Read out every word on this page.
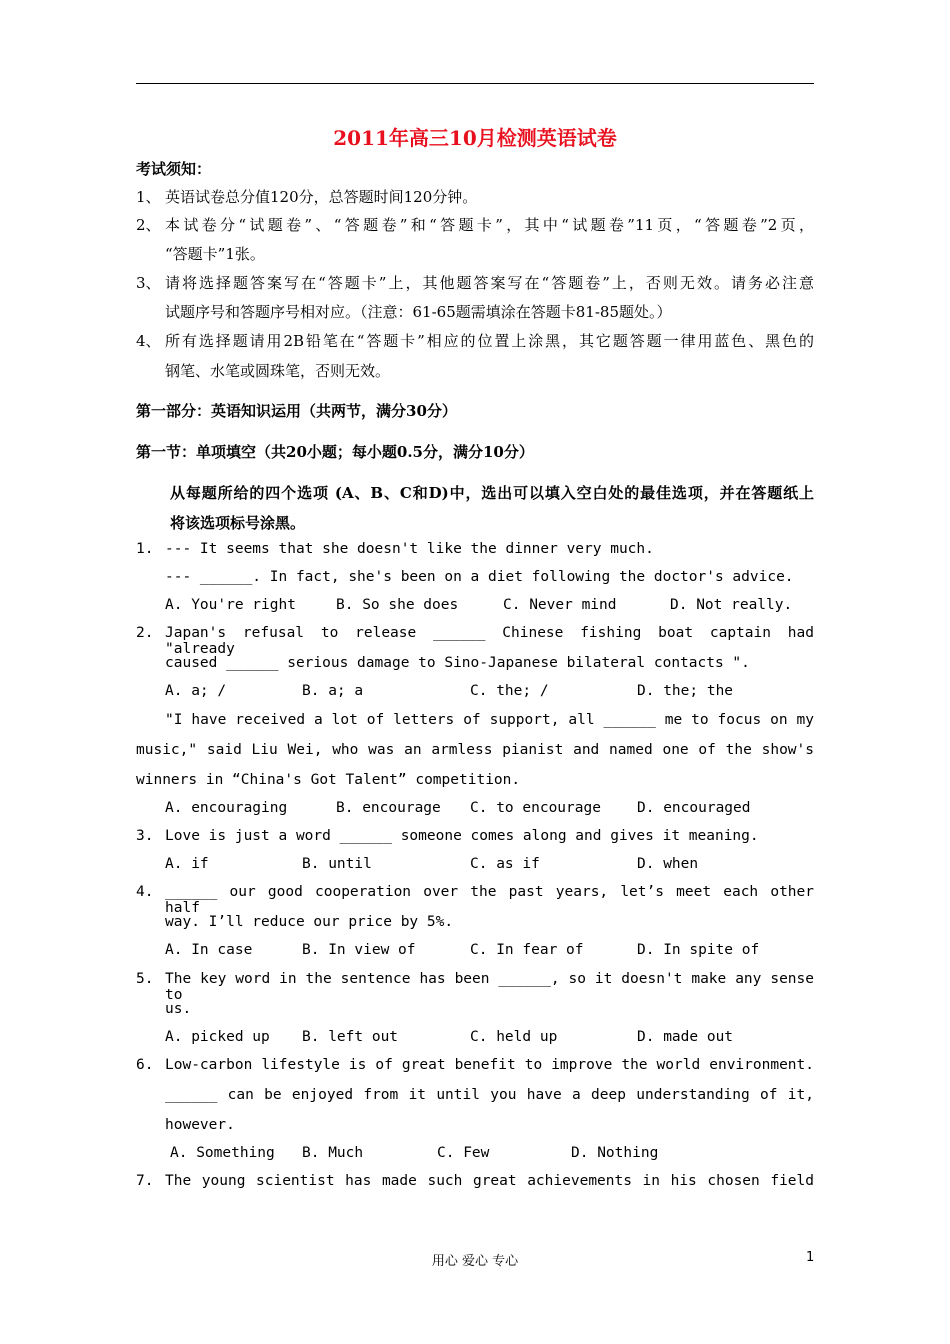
2011年高三10月检测英语试卷
考试须知：
1、 英语试卷总分值120分，总答题时间120分钟。
2、 本试卷分“试题卷”、“答题卷”和“答题卡”，其中“试题卷”11页，“答题卷”2页，
“答题卡”1张。
3、 请将选择题答案写在“答题卡”上，其他题答案写在“答题卷”上，否则无效。请务必注意
试题序号和答题序号相对应。（注意：61-65题需填涂在答题卡81-85题处。）
4、 所有选择题请用2B铅笔在“答题卡”相应的位置上涂黑，其它题答题一律用蓝色、黑色的
钢笔、水笔或圆珠笔，否则无效。
第一部分：英语知识运用（共两节，满分30分）
第一节：单项填空（共20小题；每小题0.5分，满分10分）
从每题所给的四个选项 (A、B、C和D)中，选出可以填入空白处的最佳选项，并在答题纸上
将该选项标号涂黑。
1. --- It seems that she doesn't like the dinner very much.
--- ______. In fact, she's been on a diet following the doctor's advice.
A. You're right	B. So she does	C. Never mind	D. Not really.
2. Japan's refusal to release ______ Chinese fishing boat captain had "already
caused ______ serious damage to Sino-Japanese bilateral contacts ".
A. a; /	B. a; a	C. the; /	D. the; the
"I have received a lot of letters of support, all ______ me to focus on my
music," said Liu Wei, who was an armless pianist and named one of the show's
winners in “China's Got Talent” competition.
A. encouraging	B. encourage C. to encourage D. encouraged
3. Love is just a word ______ someone comes along and gives it meaning.
A. if	B. until	C. as if	D. when
4. ______ our good cooperation over the past years, let’s meet each other half
way. I’ll reduce our price by 5%.
A. In case	B. In view of	C. In fear of	D. In spite of
5. The key word in the sentence has been ______, so it doesn't make any sense to
us.
A. picked up B. left out	C. held up	D. made out
6. Low-carbon lifestyle is of great benefit to improve the world environment.
______ can be enjoyed from it until you have a deep understanding of it,
however.
A. Something B. Much	C. Few	D. Nothing
7. The young scientist has made such great achievements in his chosen field
用心 爱心 专心	1
